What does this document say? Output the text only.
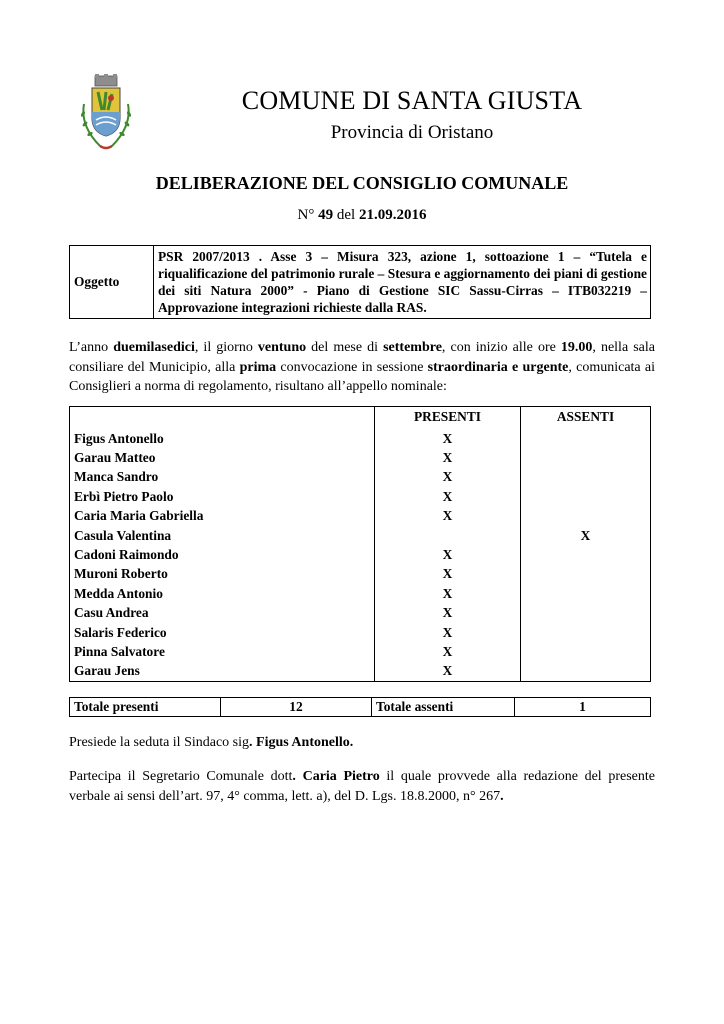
COMUNE DI SANTA GIUSTA
Provincia di Oristano
DELIBERAZIONE DEL CONSIGLIO COMUNALE
N° 49 del 21.09.2016
Oggetto	PSR 2007/2013 . Asse 3 – Misura 323, azione 1, sottoazione 1 – “Tutela e riqualificazione del patrimonio rurale – Stesura e aggiornamento dei piani di gestione dei siti Natura 2000” - Piano di Gestione SIC Sassu-Cirras – ITB032219 – Approvazione integrazioni richieste dalla RAS.
L’anno duemilasedici, il giorno ventuno del mese di settembre, con inizio alle ore 19.00, nella sala consiliare del Municipio, alla prima convocazione in sessione straordinaria e urgente, comunicata ai Consiglieri a norma di regolamento, risultano all’appello nominale:
	PRESENTI	ASSENTI
Figus Antonello	X	
Garau Matteo	X	
Manca Sandro	X	
Erbì Pietro Paolo	X	
Caria Maria Gabriella	X	
Casula Valentina		X
Cadoni Raimondo	X	
Muroni Roberto	X	
Medda Antonio	X	
Casu Andrea	X	
Salaris Federico	X	
Pinna Salvatore	X	
Garau Jens	X	
Totale presenti	12	Totale assenti	1
Presiede la seduta il Sindaco sig. Figus Antonello.
Partecipa il Segretario Comunale dott. Caria Pietro il quale provvede alla redazione del presente verbale ai sensi dell’art. 97, 4° comma, lett. a), del D. Lgs. 18.8.2000, n° 267.
